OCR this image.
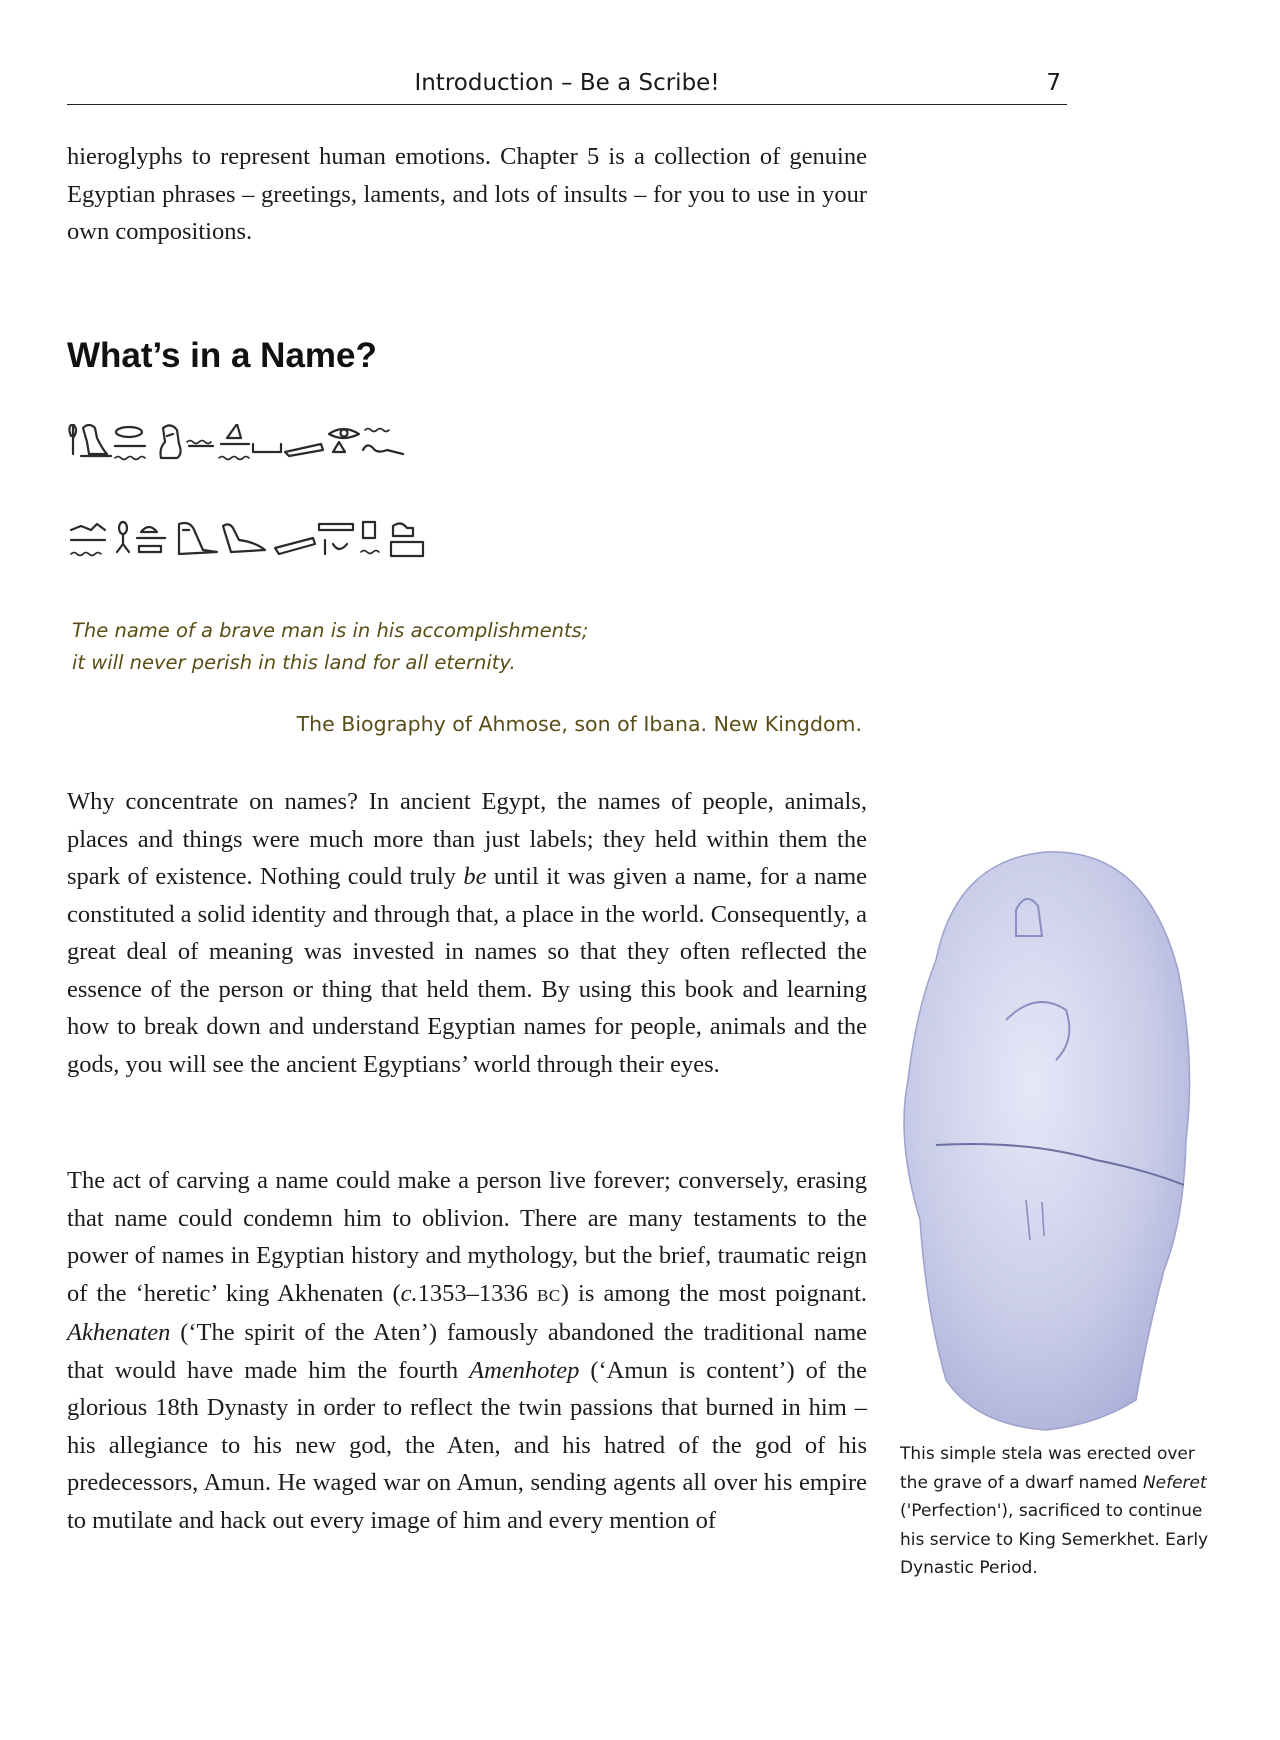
Introduction – Be a Scribe!	7

hieroglyphs to represent human emotions. Chapter 5 is a collection of genuine Egyptian phrases – greetings, laments, and lots of insults – for you to use in your own compositions.

What’s in a Name?

The name of a brave man is in his accomplishments;
it will never perish in this land for all eternity.

The Biography of Ahmose, son of Ibana. New Kingdom.

Why concentrate on names? In ancient Egypt, the names of people, animals, places and things were much more than just labels; they held within them the spark of existence. Nothing could truly be until it was given a name, for a name constituted a solid identity and through that, a place in the world. Consequently, a great deal of meaning was invested in names so that they often reflected the essence of the person or thing that held them. By using this book and learning how to break down and understand Egyptian names for people, animals and the gods, you will see the ancient Egyptians’ world through their eyes.

The act of carving a name could make a person live forever; conversely, erasing that name could condemn him to oblivion. There are many testaments to the power of names in Egyptian history and mythology, but the brief, traumatic reign of the ‘heretic’ king Akhenaten (c.1353–1336 BC) is among the most poignant. Akhenaten (‘The spirit of the Aten’) famously abandoned the traditional name that would have made him the fourth Amenhotep (‘Amun is content’) of the glorious 18th Dynasty in order to reflect the twin passions that burned in him – his allegiance to his new god, the Aten, and his hatred of the god of his predecessors, Amun. He waged war on Amun, sending agents all over his empire to mutilate and hack out every image of him and every mention of

This simple stela was erected over the grave of a dwarf named Neferet ('Perfection'), sacrificed to continue his service to King Semerkhet. Early Dynastic Period.
